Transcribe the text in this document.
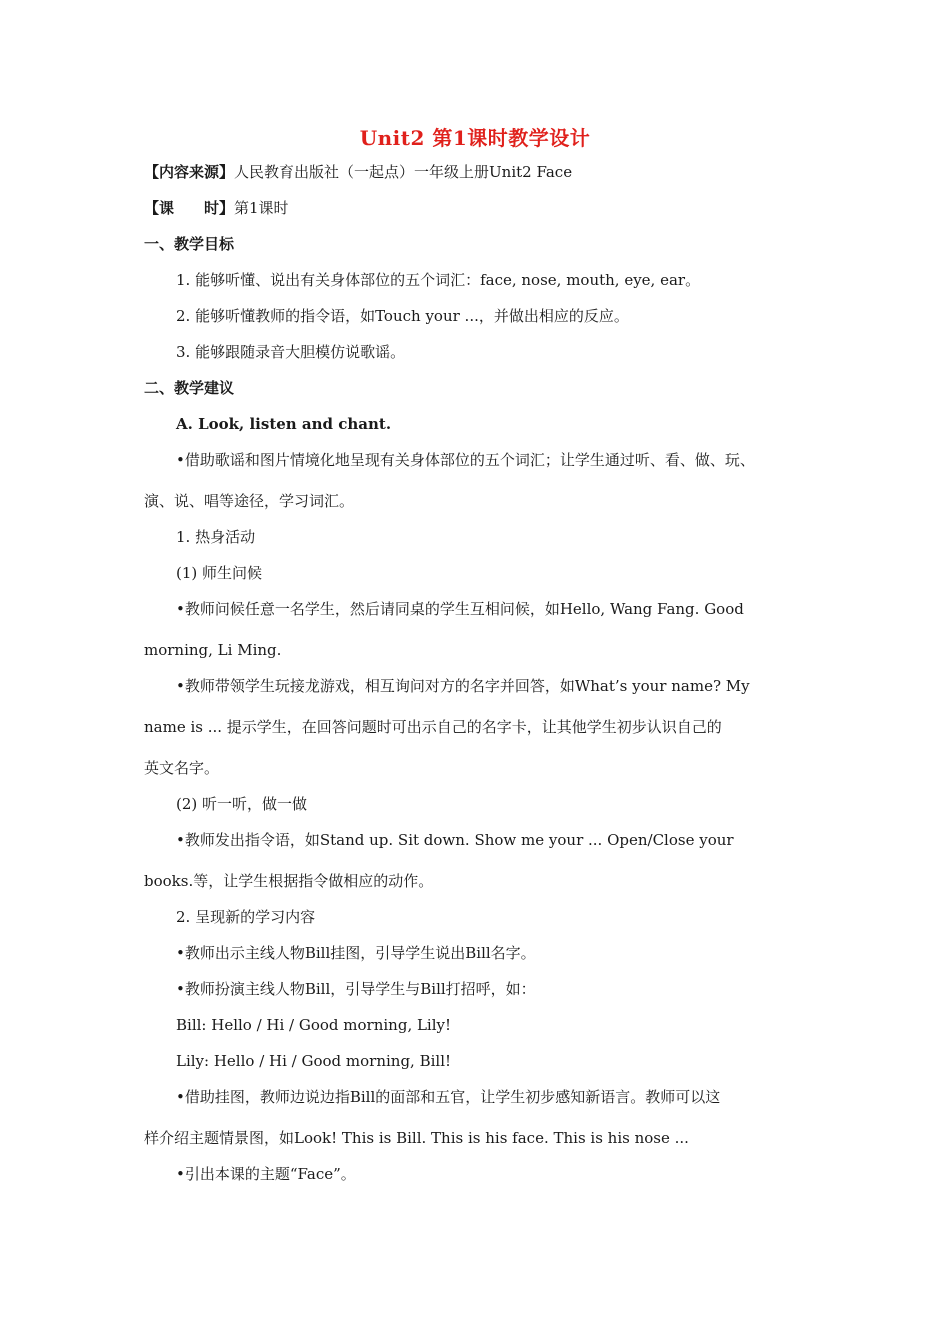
Unit2 第1课时教学设计
【内容来源】人民教育出版社（一起点）一年级上册Unit2 Face
【课　　时】第1课时
一、教学目标
1. 能够听懂、说出有关身体部位的五个词汇：face, nose, mouth, eye, ear。
2. 能够听懂教师的指令语，如Touch your ...，并做出相应的反应。
3. 能够跟随录音大胆模仿说歌谣。
二、教学建议
A. Look, listen and chant.
•借助歌谣和图片情境化地呈现有关身体部位的五个词汇；让学生通过听、看、做、玩、
演、说、唱等途径，学习词汇。
1. 热身活动
(1) 师生问候
•教师问候任意一名学生，然后请同桌的学生互相问候，如Hello, Wang Fang. Good
morning, Li Ming.
•教师带领学生玩接龙游戏，相互询问对方的名字并回答，如What’s your name? My
name is ... 提示学生，在回答问题时可出示自己的名字卡，让其他学生初步认识自己的
英文名字。
(2) 听一听，做一做
•教师发出指令语，如Stand up. Sit down. Show me your ... Open/Close your
books.等，让学生根据指令做相应的动作。
2. 呈现新的学习内容
•教师出示主线人物Bill挂图，引导学生说出Bill名字。
•教师扮演主线人物Bill，引导学生与Bill打招呼，如：
Bill: Hello / Hi / Good morning, Lily!
Lily: Hello / Hi / Good morning, Bill!
•借助挂图，教师边说边指Bill的面部和五官，让学生初步感知新语言。教师可以这
样介绍主题情景图，如Look! This is Bill. This is his face. This is his nose ...
•引出本课的主题“Face”。
